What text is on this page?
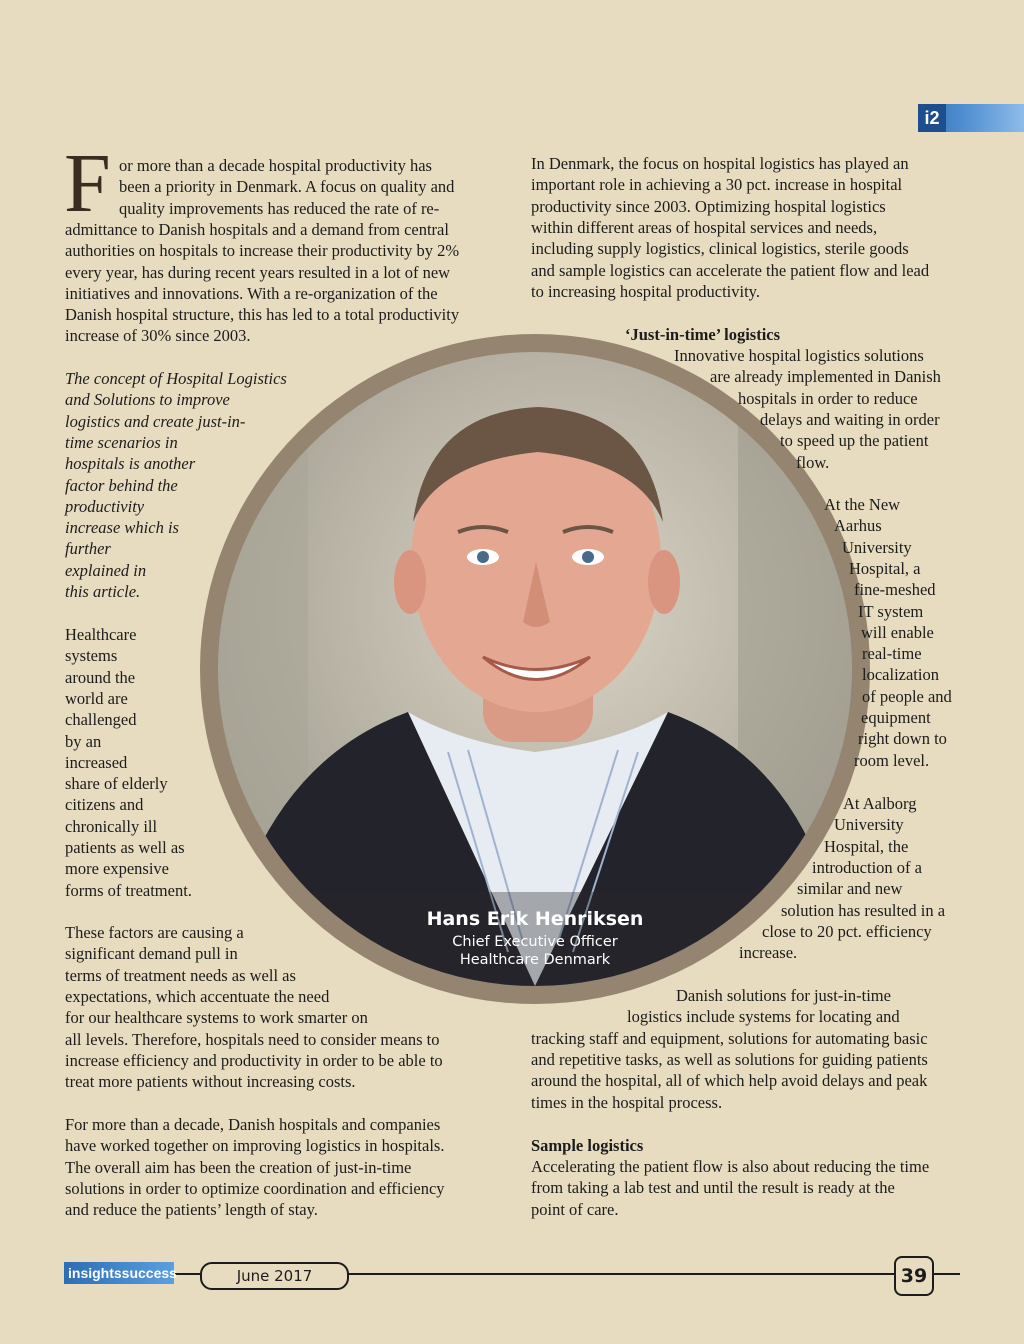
i2
F
Hans Erik Henriksen
Chief Executive Officer
Healthcare Denmark
or more than a decade hospital productivity has
been a priority in Denmark. A focus on quality and
quality improvements has reduced the rate of re-
admittance to Danish hospitals and a demand from central
authorities on hospitals to increase their productivity by 2%
every year, has during recent years resulted in a lot of new
initiatives and innovations. With a re-organization of the
Danish hospital structure, this has led to a total productivity
increase of 30% since 2003.
The concept of Hospital Logistics
and Solutions to improve
logistics and create just-in-
time scenarios in
hospitals is another
factor behind the
productivity
increase which is
further
explained in
this article.
Healthcare
systems
around the
world are
challenged
by an
increased
share of elderly
citizens and
chronically ill
patients as well as
more expensive
forms of treatment.
These factors are causing a
significant demand pull in
terms of treatment needs as well as
expectations, which accentuate the need
for our healthcare systems to work smarter on
all levels. Therefore, hospitals need to consider means to
increase efficiency and productivity in order to be able to
treat more patients without increasing costs.
For more than a decade, Danish hospitals and companies
have worked together on improving logistics in hospitals.
The overall aim has been the creation of just-in-time
solutions in order to optimize coordination and efficiency
and reduce the patients’ length of stay.
In Denmark, the focus on hospital logistics has played an
important role in achieving a 30 pct. increase in hospital
productivity since 2003. Optimizing hospital logistics
within different areas of hospital services and needs,
including supply logistics, clinical logistics, sterile goods
and sample logistics can accelerate the patient flow and lead
to increasing hospital productivity.
‘Just-in-time’ logistics
Innovative hospital logistics solutions
are already implemented in Danish
hospitals in order to reduce
delays and waiting in order
to speed up the patient
flow.
At the New
Aarhus
University
Hospital, a
fine-meshed
IT system
will enable
real-time
localization
of people and
equipment
right down to
room level.
At Aalborg
University
Hospital, the
introduction of a
similar and new
solution has resulted in a
close to 20 pct. efficiency
increase.
Danish solutions for just-in-time
logistics include systems for locating and
tracking staff and equipment, solutions for automating basic
and repetitive tasks, as well as solutions for guiding patients
around the hospital, all of which help avoid delays and peak
times in the hospital process.
Sample logistics
Accelerating the patient flow is also about reducing the time
from taking a lab test and until the result is ready at the
point of care.
insightssuccess	June 2017	39
